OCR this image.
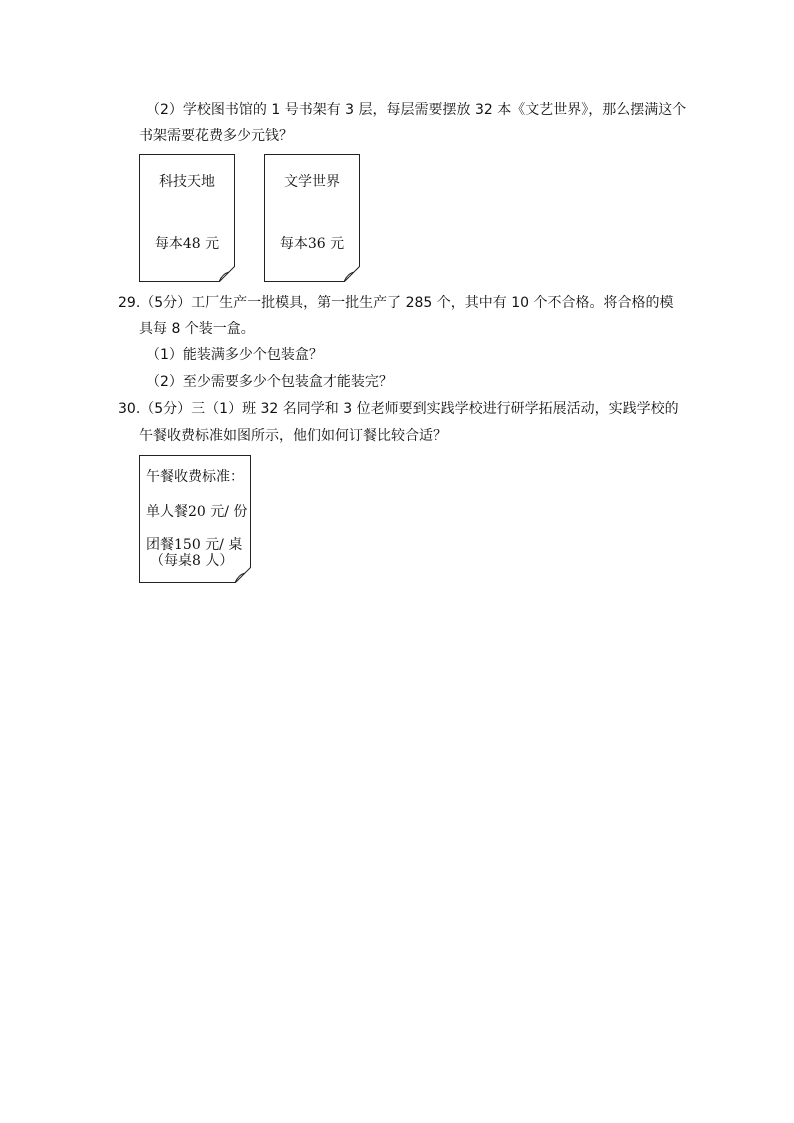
（2）学校图书馆的 1 号书架有 3 层，每层需要摆放 32 本《文艺世界》，那么摆满这个
书架需要花费多少元钱？
科技天地
每本48 元
文学世界
每本36 元
29.（5分）工厂生产一批模具，第一批生产了 285 个，其中有 10 个不合格。将合格的模
具每 8 个装一盒。
（1）能装满多少个包装盒？
（2）至少需要多少个包装盒才能装完？
30.（5分）三（1）班 32 名同学和 3 位老师要到实践学校进行研学拓展活动，实践学校的
午餐收费标准如图所示，他们如何订餐比较合适？
午餐收费标准：
单人餐20 元/ 份
团餐150 元/ 桌
（每桌8 人）
